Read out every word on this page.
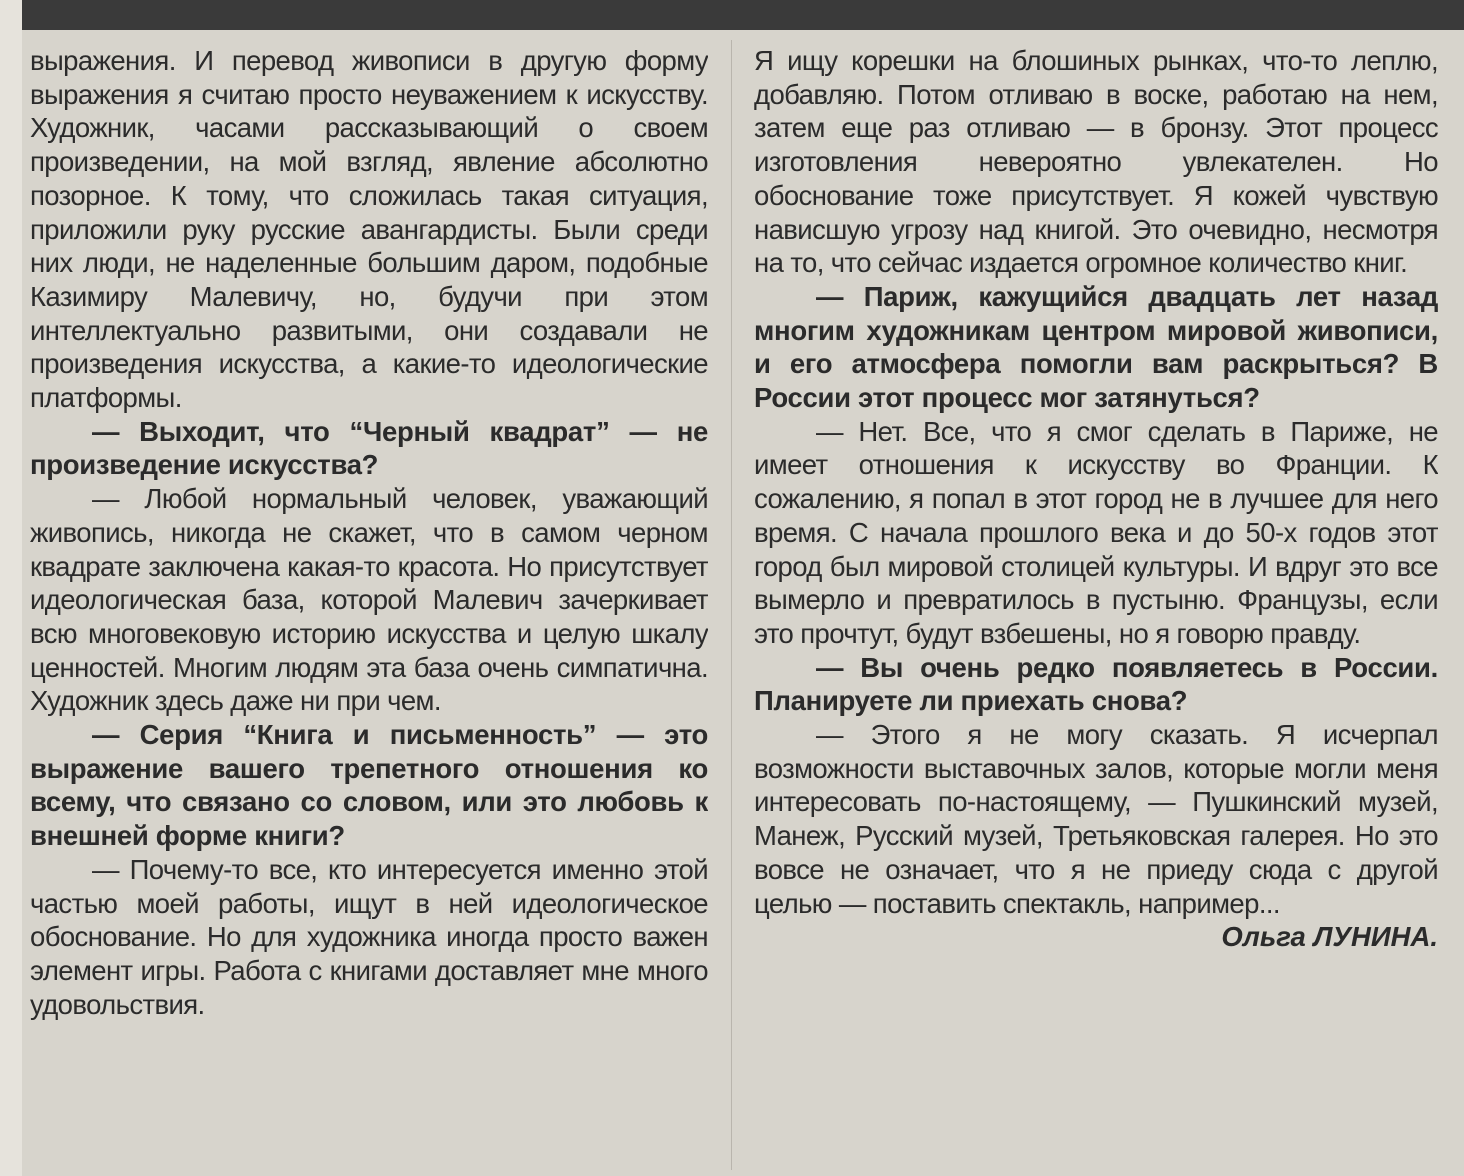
выражения. И перевод живописи в другую форму выражения я считаю просто неуважением к искусству. Художник, часами рассказывающий о своем произведении, на мой взгляд, явление абсолютно позорное. К тому, что сложилась такая ситуация, приложили руку русские авангардисты. Были среди них люди, не наделенные большим даром, подобные Казимиру Малевичу, но, будучи при этом интеллектуально развитыми, они создавали не произведения искусства, а какие-то идеологические платформы.

— Выходит, что “Черный квадрат” — не произведение искусства?

— Любой нормальный человек, уважающий живопись, никогда не скажет, что в самом черном квадрате заключена какая-то красота. Но присутствует идеологическая база, которой Малевич зачеркивает всю многовековую историю искусства и целую шкалу ценностей. Многим людям эта база очень симпатична. Художник здесь даже ни при чем.

— Серия “Книга и письменность” — это выражение вашего трепетного отношения ко всему, что связано со словом, или это любовь к внешней форме книги?

— Почему-то все, кто интересуется именно этой частью моей работы, ищут в ней идеологическое обоснование. Но для художника иногда просто важен элемент игры. Работа с книгами доставляет мне много удовольствия.

Я ищу корешки на блошиных рынках, что-то леплю, добавляю. Потом отливаю в воске, работаю на нем, затем еще раз отливаю — в бронзу. Этот процесс изготовления невероятно увлекателен. Но обоснование тоже присутствует. Я кожей чувствую нависшую угрозу над книгой. Это очевидно, несмотря на то, что сейчас издается огромное количество книг.

— Париж, кажущийся двадцать лет назад многим художникам центром мировой живописи, и его атмосфера помогли вам раскрыться? В России этот процесс мог затянуться?

— Нет. Все, что я смог сделать в Париже, не имеет отношения к искусству во Франции. К сожалению, я попал в этот город не в лучшее для него время. С начала прошлого века и до 50-х годов этот город был мировой столицей культуры. И вдруг это все вымерло и превратилось в пустыню. Французы, если это прочтут, будут взбешены, но я говорю правду.

— Вы очень редко появляетесь в России. Планируете ли приехать снова?

— Этого я не могу сказать. Я исчерпал возможности выставочных залов, которые могли меня интересовать по-настоящему, — Пушкинский музей, Манеж, Русский музей, Третьяковская галерея. Но это вовсе не означает, что я не приеду сюда с другой целью — поставить спектакль, например...

Ольга ЛУНИНА.
